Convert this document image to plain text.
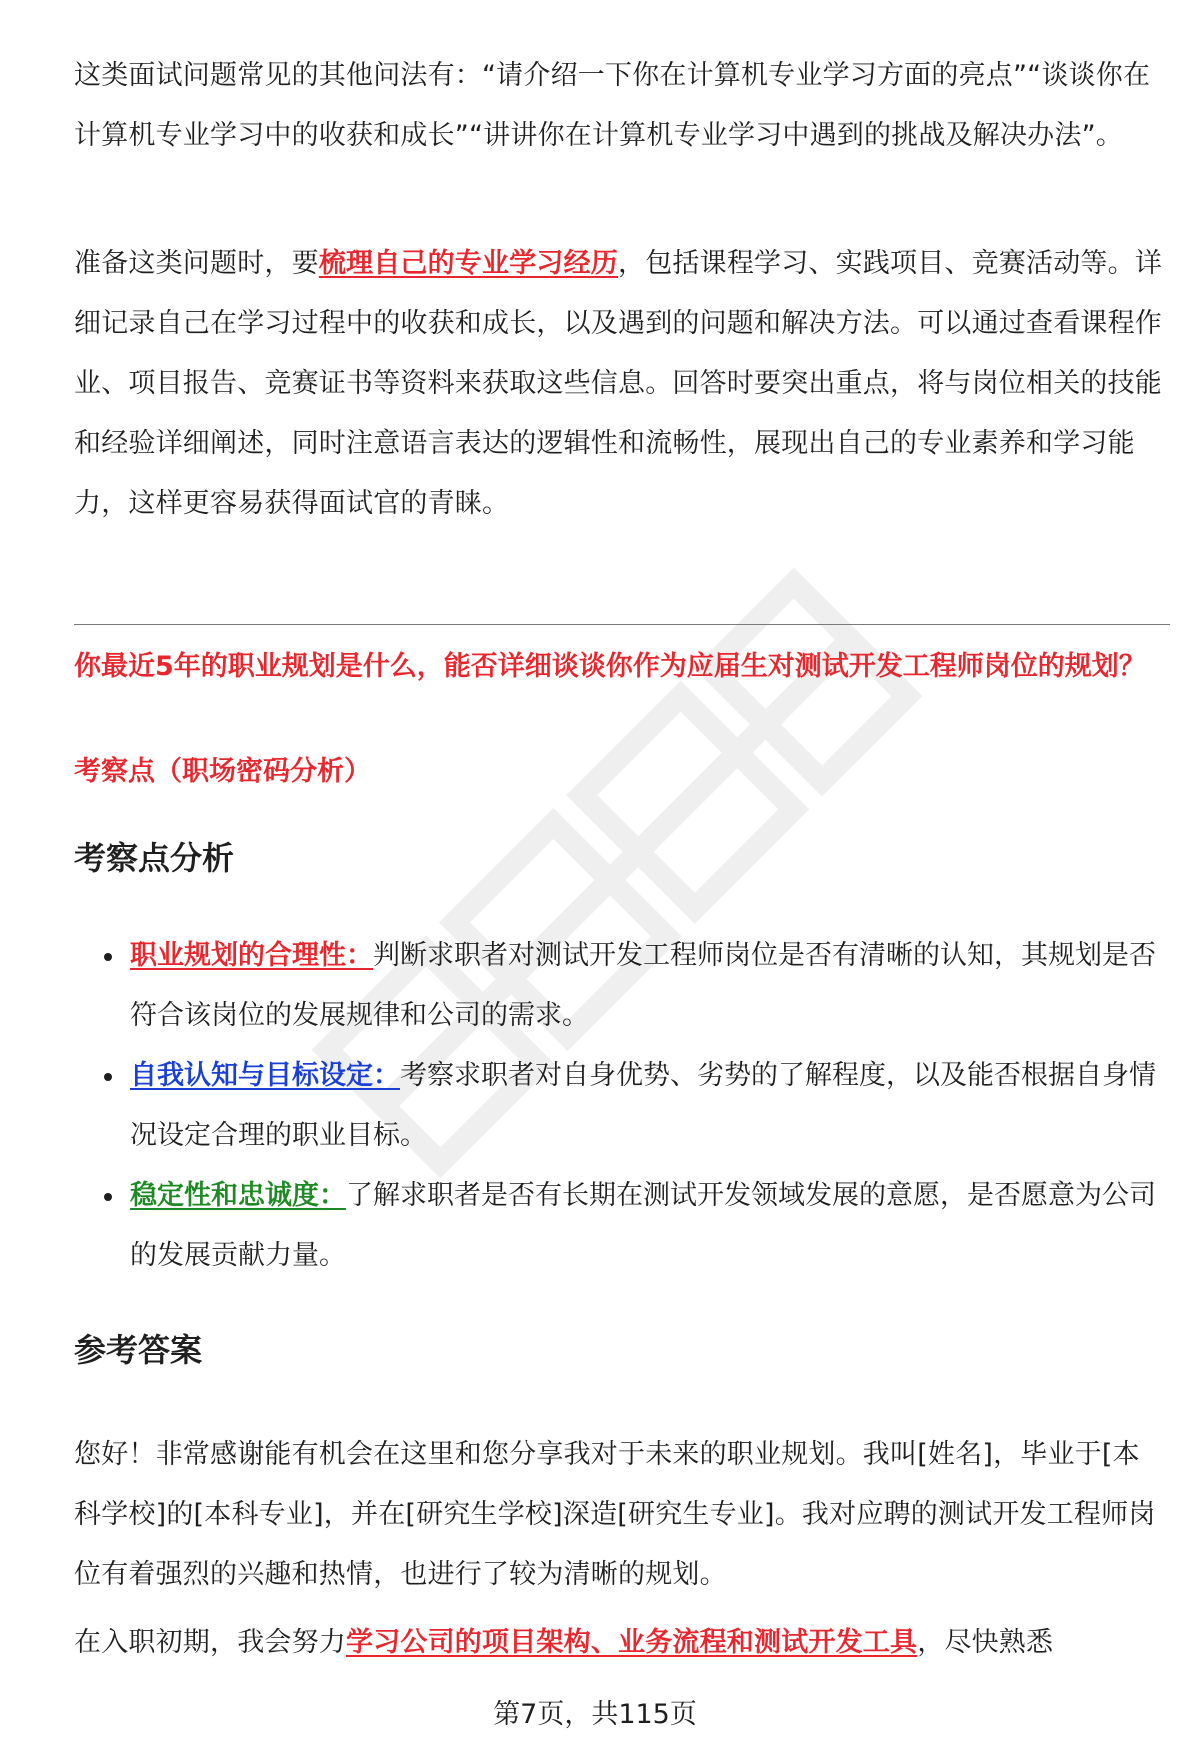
这类面试问题常见的其他问法有：“请介绍一下你在计算机专业学习方面的亮点”“谈谈你在计算机专业学习中的收获和成长”“讲讲你在计算机专业学习中遇到的挑战及解决办法”。

准备这类问题时，要梳理自己的专业学习经历，包括课程学习、实践项目、竞赛活动等。详细记录自己在学习过程中的收获和成长，以及遇到的问题和解决方法。可以通过查看课程作业、项目报告、竞赛证书等资料来获取这些信息。回答时要突出重点，将与岗位相关的技能和经验详细阐述，同时注意语言表达的逻辑性和流畅性，展现出自己的专业素养和学习能力，这样更容易获得面试官的青睐。

你最近5年的职业规划是什么，能否详细谈谈你作为应届生对测试开发工程师岗位的规划？

考察点（职场密码分析）

考察点分析
职业规划的合理性：判断求职者对测试开发工程师岗位是否有清晰的认知，其规划是否符合该岗位的发展规律和公司的需求。
自我认知与目标设定：考察求职者对自身优势、劣势的了解程度，以及能否根据自身情况设定合理的职业目标。
稳定性和忠诚度：了解求职者是否有长期在测试开发领域发展的意愿，是否愿意为公司的发展贡献力量。
参考答案

您好！非常感谢能有机会在这里和您分享我对于未来的职业规划。我叫[姓名]，毕业于[本科学校]的[本科专业]，并在[研究生学校]深造[研究生专业]。我对应聘的测试开发工程师岗位有着强烈的兴趣和热情，也进行了较为清晰的规划。

在入职初期，我会努力学习公司的项目架构、业务流程和测试开发工具，尽快熟悉

第7页，共115页
